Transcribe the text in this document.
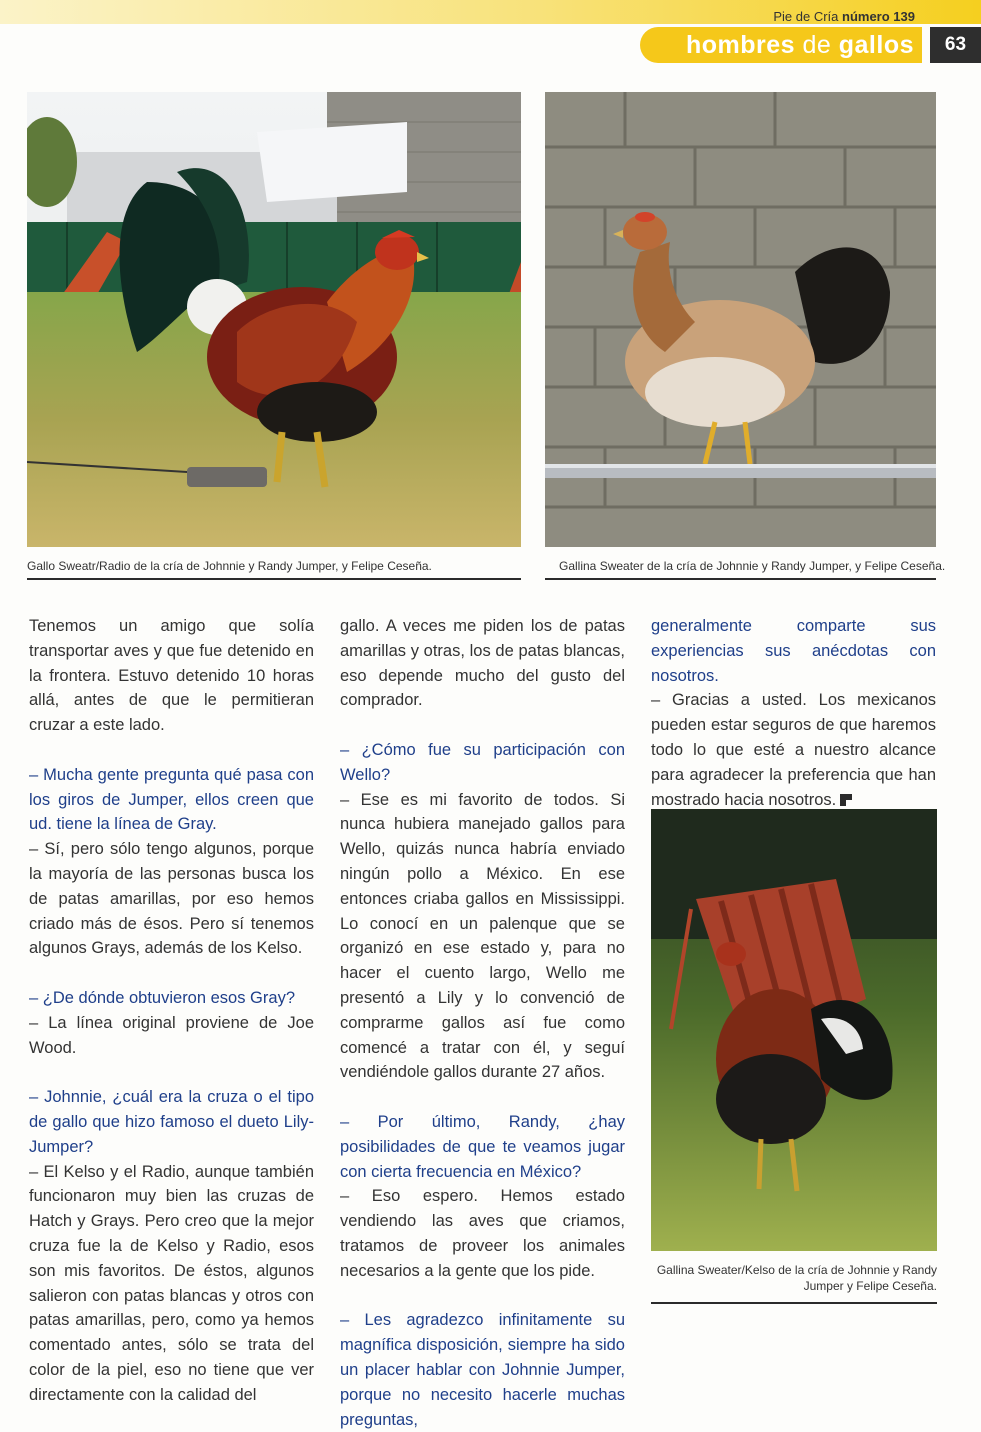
Pie de Cría número 139
hombres
de
gallos	63
Gallo Sweatr/Radio de la cría de Johnnie y Randy Jumper, y Felipe Ceseña.	Gallina Sweater de la cría de Johnnie y Randy Jumper, y Felipe Ceseña.
Gallina Sweater/Kelso de la cría de Johnnie y Randy Jumper y Felipe Ceseña.

Tenemos un amigo que solía transportar aves y que fue detenido en la frontera. Estuvo detenido 10 horas allá, antes de que le permitieran cruzar a este lado.

– Mucha gente pregunta qué pasa con los giros de Jumper, ellos creen que ud. tiene la línea de Gray.

– Sí, pero sólo tengo algunos, porque la mayoría de las personas busca los de patas amarillas, por eso hemos criado más de ésos. Pero sí tenemos algunos Grays, además de los Kelso.

– ¿De dónde obtuvieron esos Gray?

– La línea original proviene de Joe Wood.

– Johnnie, ¿cuál era la cruza o el tipo de gallo que hizo famoso el dueto Lily-Jumper?

– El Kelso y el Radio, aunque también funcionaron muy bien las cruzas de Hatch y Grays. Pero creo que la mejor cruza fue la de Kelso y Radio, esos son mis favoritos. De éstos, algunos salieron con patas blancas y otros con patas amarillas, pero, como ya hemos comentado antes, sólo se trata del color de la piel, eso no tiene que ver directamente con la calidad del

gallo. A veces me piden los de patas amarillas y otras, los de patas blancas, eso depende mucho del gusto del comprador.

– ¿Cómo fue su participación con Wello?

– Ese es mi favorito de todos. Si nunca hubiera manejado gallos para Wello, quizás nunca habría enviado ningún pollo a México. En ese entonces criaba gallos en Mississippi. Lo conocí en un palenque que se organizó en ese estado y, para no hacer el cuento largo, Wello me presentó a Lily y lo convenció de comprarme gallos así fue como comencé a tratar con él, y seguí vendiéndole gallos durante 27 años.

– Por último, Randy, ¿hay posibilidades de que te veamos jugar con cierta frecuencia en México?

– Eso espero. Hemos estado vendiendo las aves que criamos, tratamos de proveer los animales necesarios a la gente que los pide.

– Les agradezco infinitamente su magnífica disposición, siempre ha sido un placer hablar con Johnnie Jumper, porque no necesito hacerle muchas preguntas,

generalmente comparte sus experiencias sus anécdotas con nosotros.

– Gracias a usted. Los mexicanos pueden estar seguros de que haremos todo lo que esté a nuestro alcance para agradecer la preferencia que han mostrado hacia nosotros.
